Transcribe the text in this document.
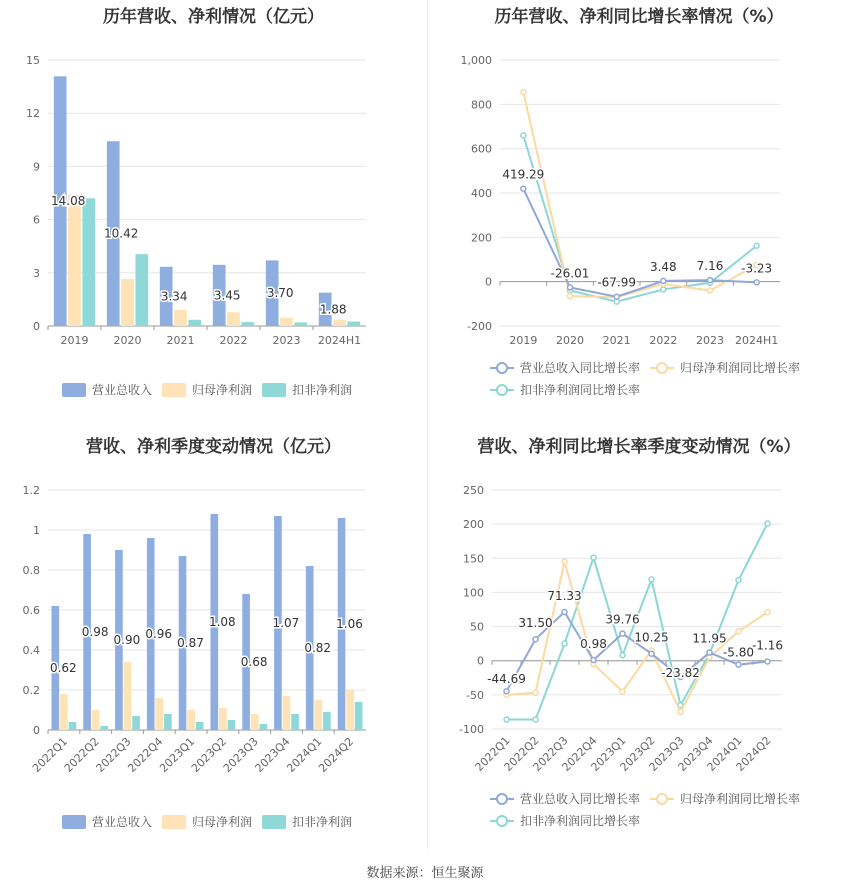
历年营收、净利情况（亿元）
0
3
6
9
12
15
2019 2020 2021 2022 2023 2024H1
14.08
10.42
3.34 3.45 3.70
1.88
营业总收入	归母净利润	扣非净利润
历年营收、净利同比增长率情况（%）
-200
0
200
400
600
800
1,000
2019 2020 2021 2022 2023 2024H1
419.29
-26.01
-67.99
3.48 7.16 -3.23
营业总收入同比增长率	归母净利润同比增长率
扣非净利润同比增长率
营收、净利季度变动情况（亿元）
0
0.2
0.4
0.6
0.8
1
1.2
2022Q1
2022Q2
2022Q3
2022Q4
2023Q1
2023Q2
2023Q3
2023Q4
2024Q1
2024Q2
0.62
0.98
0.90 0.96
0.87
1.08
0.68
1.07
0.82
1.06
营业总收入	归母净利润	扣非净利润
营收、净利同比增长率季度变动情况（%）
-100
-50
0
50
100
150
200
250
2022Q1
2022Q2
2022Q3
2022Q4
2023Q1
2023Q2
2023Q3
2023Q4
2024Q1
2024Q2
-44.69
31.50
71.33
0.98
39.76
10.25
-23.82
11.95
-5.80
-1.16
营业总收入同比增长率	归母净利润同比增长率
扣非净利润同比增长率
数据来源：恒生聚源
